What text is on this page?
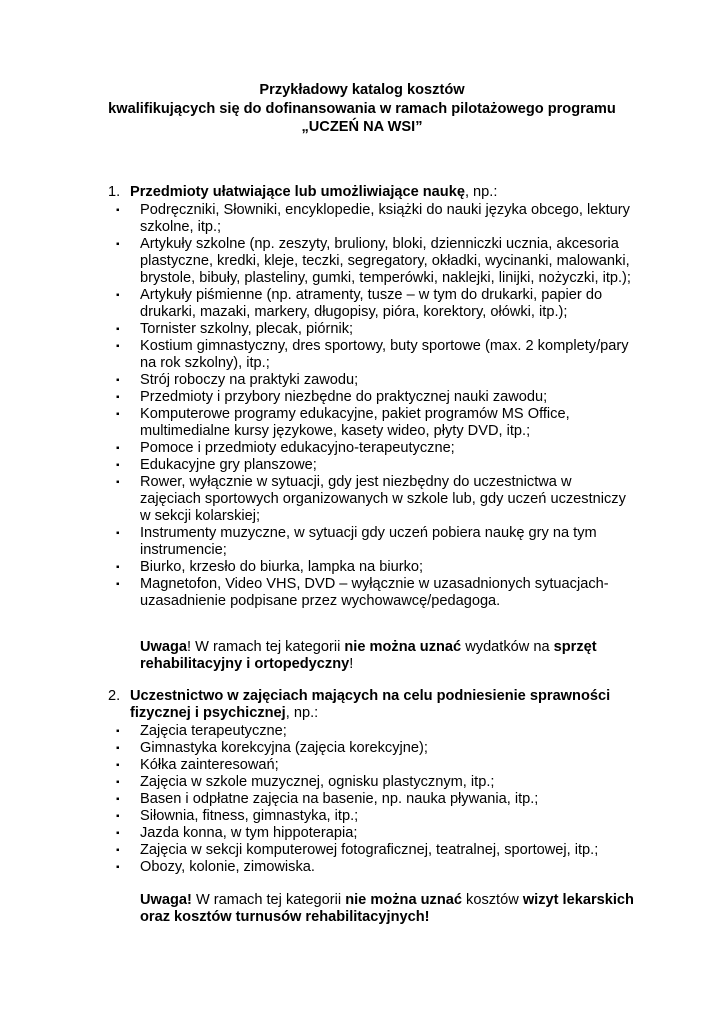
Przykładowy katalog kosztów
kwalifikujących się do dofinansowania w ramach pilotażowego programu
„UCZEŃ NA WSI”
1. Przedmioty ułatwiające lub umożliwiające naukę, np.:
▪ Podręczniki, Słowniki, encyklopedie, książki do nauki języka obcego, lektury szkolne, itp.;
▪ Artykuły szkolne (np. zeszyty, bruliony, bloki, dzienniczki ucznia, akcesoria plastyczne, kredki, kleje, teczki, segregatory, okładki, wycinanki, malowanki, brystole, bibuły, plasteliny, gumki, temperówki, naklejki, linijki, nożyczki, itp.);
▪ Artykuły piśmienne (np. atramenty, tusze – w tym do drukarki, papier do drukarki, mazaki, markery, długopisy, pióra, korektory, ołówki, itp.);
▪ Tornister szkolny, plecak, piórnik;
▪ Kostium gimnastyczny, dres sportowy, buty sportowe (max. 2 komplety/pary na rok szkolny), itp.;
▪ Strój roboczy na praktyki zawodu;
▪ Przedmioty i przybory niezbędne do praktycznej nauki zawodu;
▪ Komputerowe programy edukacyjne, pakiet programów MS Office, multimedialne kursy językowe, kasety wideo, płyty DVD, itp.;
▪ Pomoce i przedmioty edukacyjno-terapeutyczne;
▪ Edukacyjne gry planszowe;
▪ Rower, wyłącznie w sytuacji, gdy jest niezbędny do uczestnictwa w zajęciach sportowych organizowanych w szkole lub, gdy uczeń uczestniczy w sekcji kolarskiej;
▪ Instrumenty muzyczne, w sytuacji gdy uczeń pobiera naukę gry na tym instrumencie;
▪ Biurko, krzesło do biurka, lampka na biurko;
▪ Magnetofon, Video VHS, DVD – wyłącznie w uzasadnionych sytuacjach- uzasadnienie podpisane przez wychowawcę/pedagoga.
Uwaga! W ramach tej kategorii nie można uznać wydatków na sprzęt rehabilitacyjny i ortopedyczny!
2. Uczestnictwo w zajęciach mających na celu podniesienie sprawności fizycznej i psychicznej, np.:
▪ Zajęcia terapeutyczne;
▪ Gimnastyka korekcyjna (zajęcia korekcyjne);
▪ Kółka zainteresowań;
▪ Zajęcia w szkole muzycznej, ognisku plastycznym, itp.;
▪ Basen i odpłatne zajęcia na basenie, np. nauka pływania, itp.;
▪ Siłownia, fitness, gimnastyka, itp.;
▪ Jazda konna, w tym hippoterapia;
▪ Zajęcia w sekcji komputerowej fotograficznej, teatralnej, sportowej, itp.;
▪ Obozy, kolonie, zimowiska.
Uwaga! W ramach tej kategorii nie można uznać kosztów wizyt lekarskich oraz kosztów turnusów rehabilitacyjnych!
